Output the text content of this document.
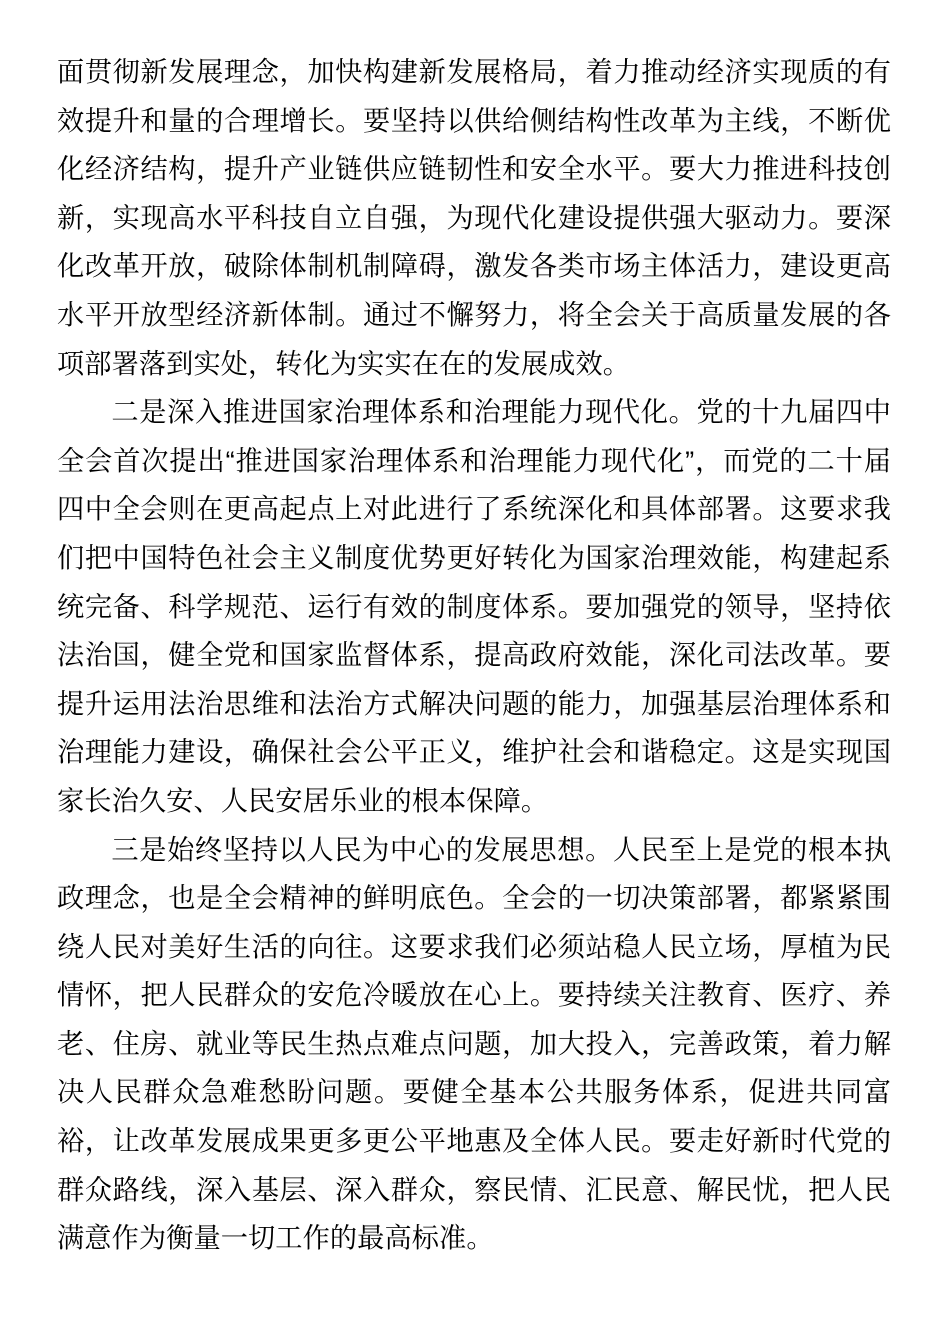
面贯彻新发展理念，加快构建新发展格局，着力推动经济实现质的有效提升和量的合理增长。要坚持以供给侧结构性改革为主线，不断优化经济结构，提升产业链供应链韧性和安全水平。要大力推进科技创新，实现高水平科技自立自强，为现代化建设提供强大驱动力。要深化改革开放，破除体制机制障碍，激发各类市场主体活力，建设更高水平开放型经济新体制。通过不懈努力，将全会关于高质量发展的各项部署落到实处，转化为实实在在的发展成效。

二是深入推进国家治理体系和治理能力现代化。党的十九届四中全会首次提出“推进国家治理体系和治理能力现代化”，而党的二十届四中全会则在更高起点上对此进行了系统深化和具体部署。这要求我们把中国特色社会主义制度优势更好转化为国家治理效能，构建起系统完备、科学规范、运行有效的制度体系。要加强党的领导，坚持依法治国，健全党和国家监督体系，提高政府效能，深化司法改革。要提升运用法治思维和法治方式解决问题的能力，加强基层治理体系和治理能力建设，确保社会公平正义，维护社会和谐稳定。这是实现国家长治久安、人民安居乐业的根本保障。

三是始终坚持以人民为中心的发展思想。人民至上是党的根本执政理念，也是全会精神的鲜明底色。全会的一切决策部署，都紧紧围绕人民对美好生活的向往。这要求我们必须站稳人民立场，厚植为民情怀，把人民群众的安危冷暖放在心上。要持续关注教育、医疗、养老、住房、就业等民生热点难点问题，加大投入，完善政策，着力解决人民群众急难愁盼问题。要健全基本公共服务体系，促进共同富裕，让改革发展成果更多更公平地惠及全体人民。要走好新时代党的群众路线，深入基层、深入群众，察民情、汇民意、解民忧，把人民满意作为衡量一切工作的最高标准。
